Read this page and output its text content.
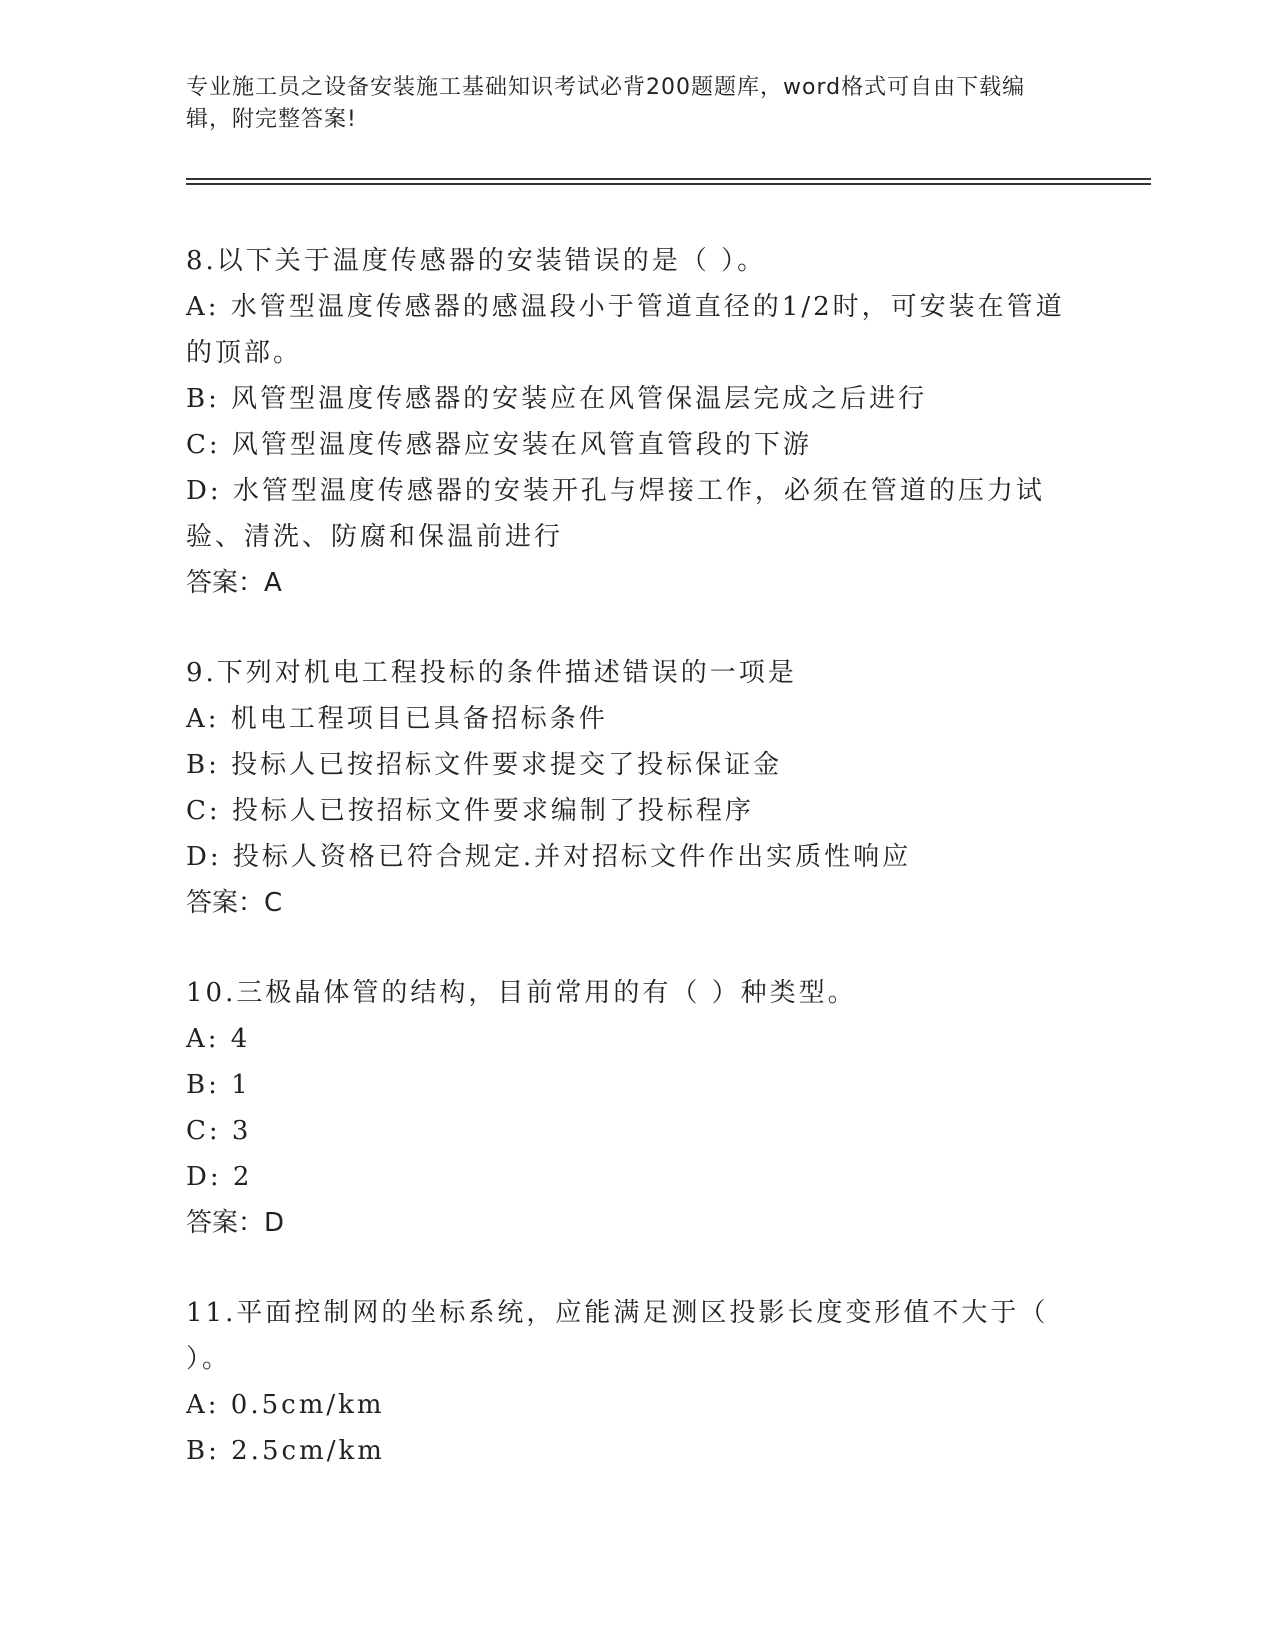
专业施工员之设备安装施工基础知识考试必背200题题库，word格式可自由下载编辑，附完整答案!
8.以下关于温度传感器的安装错误的是（ ）。
A: 水管型温度传感器的感温段小于管道直径的1/2时，可安装在管道的顶部。
B: 风管型温度传感器的安装应在风管保温层完成之后进行
C: 风管型温度传感器应安装在风管直管段的下游
D: 水管型温度传感器的安装开孔与焊接工作，必须在管道的压力试验、清洗、防腐和保温前进行
答案：A
9.下列对机电工程投标的条件描述错误的一项是
A: 机电工程项目已具备招标条件
B: 投标人已按招标文件要求提交了投标保证金
C: 投标人已按招标文件要求编制了投标程序
D: 投标人资格已符合规定.并对招标文件作出实质性响应
答案：C
10.三极晶体管的结构，目前常用的有（ ）种类型。
A: 4
B: 1
C: 3
D: 2
答案：D
11.平面控制网的坐标系统，应能满足测区投影长度变形值不大于（ ）。
A: 0.5cm/km
B: 2.5cm/km
